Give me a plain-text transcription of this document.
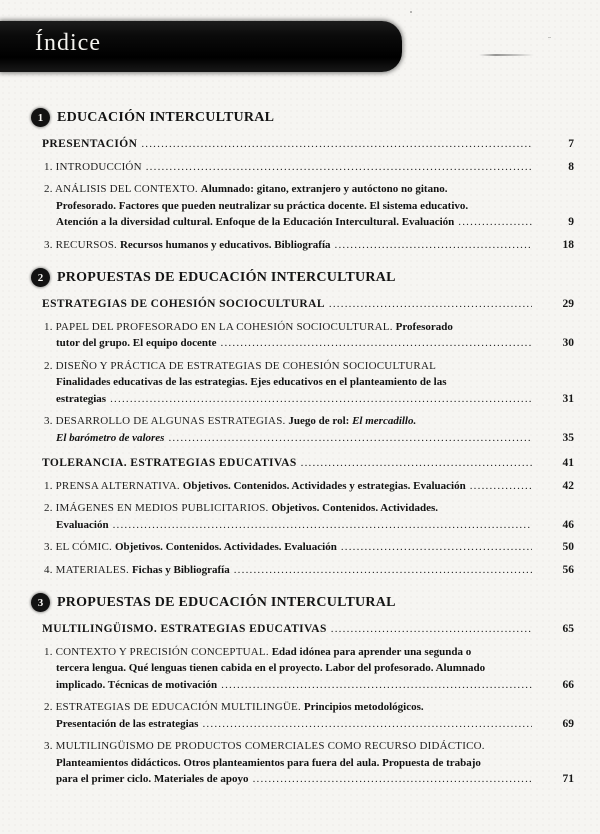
Índice
1 EDUCACIÓN INTERCULTURAL
PRESENTACIÓN .....	7
1. INTRODUCCIÓN .....	8
2. ANÁLISIS DEL CONTEXTO. Alumnado: gitano, extranjero y autóctono no gitano.
Profesorado. Factores que pueden neutralizar su práctica docente. El sistema educativo.
Atención a la diversidad cultural. Enfoque de la Educación Intercultural. Evaluación .....	9
3. RECURSOS. Recursos humanos y educativos. Bibliografía .....	18
2 PROPUESTAS DE EDUCACIÓN INTERCULTURAL
ESTRATEGIAS DE COHESIÓN SOCIOCULTURAL .....	29
1. PAPEL DEL PROFESORADO EN LA COHESIÓN SOCIOCULTURAL. Profesorado
tutor del grupo. El equipo docente .....	30
2. DISEÑO Y PRÁCTICA DE ESTRATEGIAS DE COHESIÓN SOCIOCULTURAL
Finalidades educativas de las estrategias. Ejes educativos en el planteamiento de las
estrategias .....	31
3. DESARROLLO DE ALGUNAS ESTRATEGIAS. Juego de rol: El mercadillo.
El barómetro de valores .....	35
TOLERANCIA. ESTRATEGIAS EDUCATIVAS .....	41
1. PRENSA ALTERNATIVA. Objetivos. Contenidos. Actividades y estrategias. Evaluación .....	42
2. IMÁGENES EN MEDIOS PUBLICITARIOS. Objetivos. Contenidos. Actividades.
Evaluación .....	46
3. EL CÓMIC. Objetivos. Contenidos. Actividades. Evaluación .....	50
4. MATERIALES. Fichas y Bibliografía .....	56
3 PROPUESTAS DE EDUCACIÓN INTERCULTURAL
MULTILINGÜISMO. ESTRATEGIAS EDUCATIVAS .....	65
1. CONTEXTO Y PRECISIÓN CONCEPTUAL. Edad idónea para aprender una segunda o
tercera lengua. Qué lenguas tienen cabida en el proyecto. Labor del profesorado. Alumnado
implicado. Técnicas de motivación .....	66
2. ESTRATEGIAS DE EDUCACIÓN MULTILINGÜE. Principios metodológicos.
Presentación de las estrategias .....	69
3. MULTILINGÜISMO DE PRODUCTOS COMERCIALES COMO RECURSO DIDÁCTICO.
Planteamientos didácticos. Otros planteamientos para fuera del aula. Propuesta de trabajo
para el primer ciclo. Materiales de apoyo .....	71
